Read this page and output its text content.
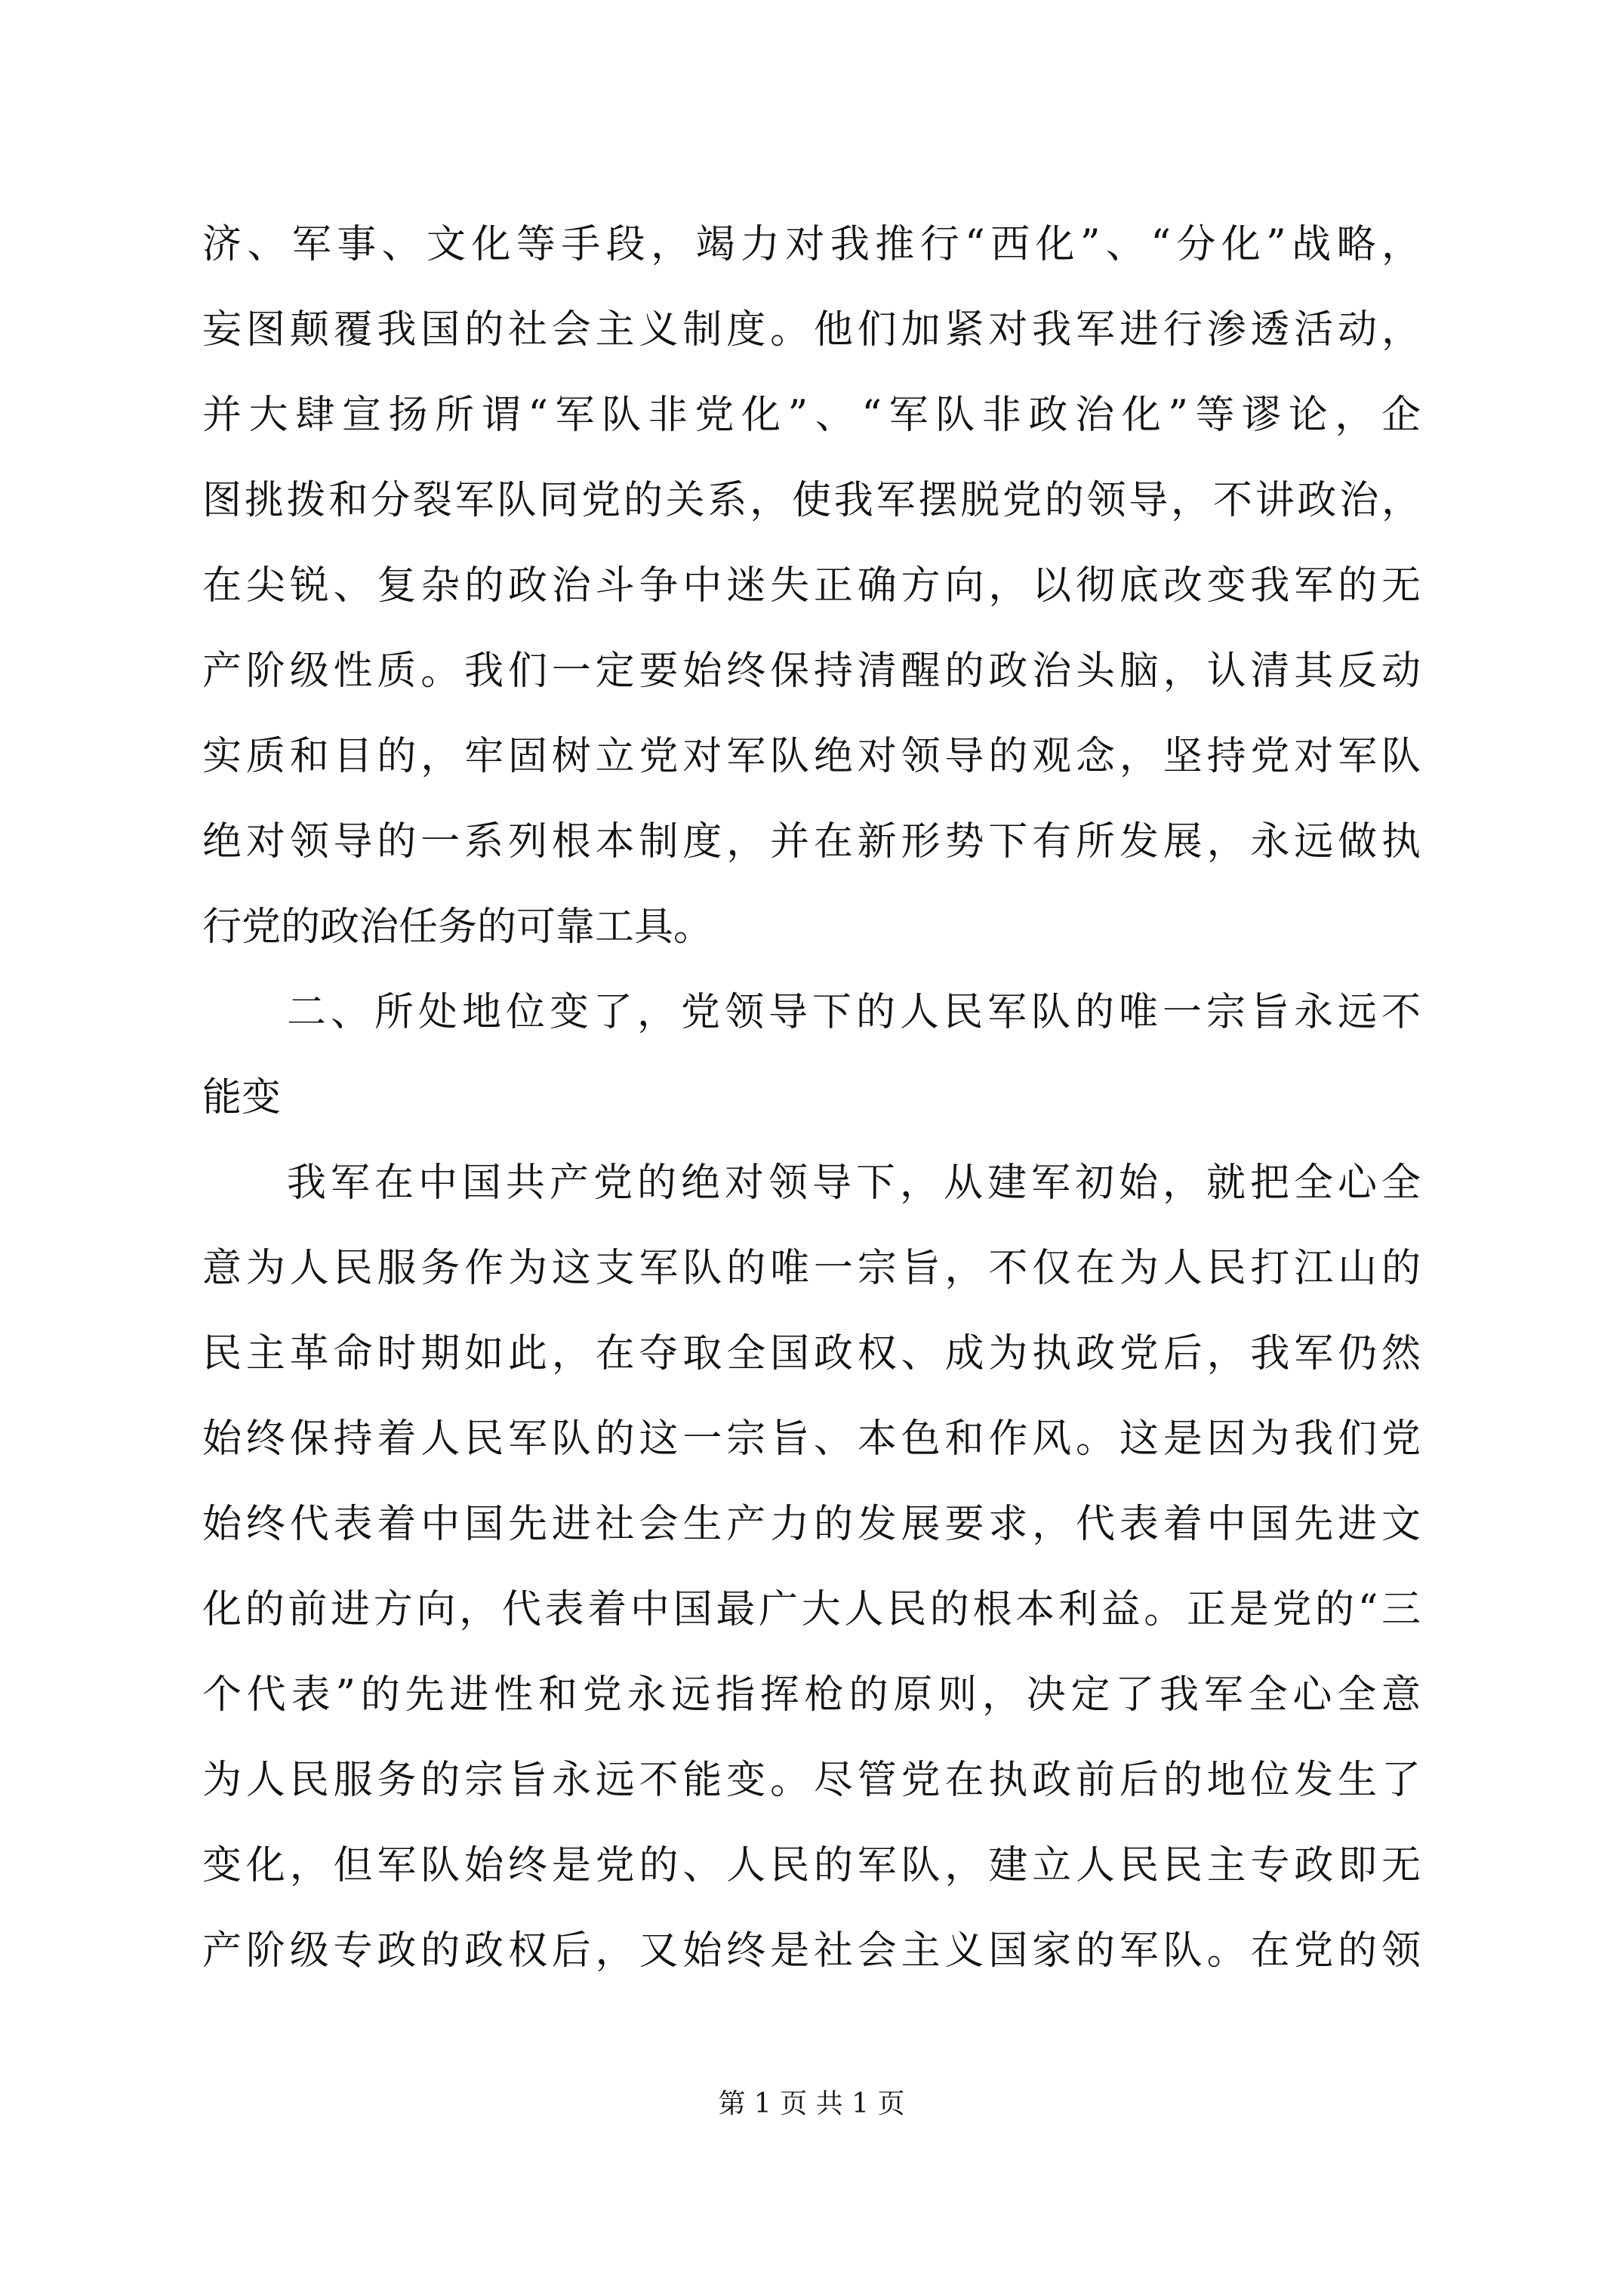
济、军事、文化等手段，竭力对我推行“西化”、“分化”战略，
妄图颠覆我国的社会主义制度。他们加紧对我军进行渗透活动，
并大肆宣扬所谓“军队非党化”、“军队非政治化”等谬论，企
图挑拨和分裂军队同党的关系，使我军摆脱党的领导，不讲政治，
在尖锐、复杂的政治斗争中迷失正确方向，以彻底改变我军的无
产阶级性质。我们一定要始终保持清醒的政治头脑，认清其反动
实质和目的，牢固树立党对军队绝对领导的观念，坚持党对军队
绝对领导的一系列根本制度，并在新形势下有所发展，永远做执
行党的政治任务的可靠工具。
二、所处地位变了，党领导下的人民军队的唯一宗旨永远不
能变
我军在中国共产党的绝对领导下，从建军初始，就把全心全
意为人民服务作为这支军队的唯一宗旨，不仅在为人民打江山的
民主革命时期如此，在夺取全国政权、成为执政党后，我军仍然
始终保持着人民军队的这一宗旨、本色和作风。这是因为我们党
始终代表着中国先进社会生产力的发展要求，代表着中国先进文
化的前进方向，代表着中国最广大人民的根本利益。正是党的“三
个代表”的先进性和党永远指挥枪的原则，决定了我军全心全意
为人民服务的宗旨永远不能变。尽管党在执政前后的地位发生了
变化，但军队始终是党的、人民的军队，建立人民民主专政即无
产阶级专政的政权后，又始终是社会主义国家的军队。在党的领
第 1 页 共 1 页
